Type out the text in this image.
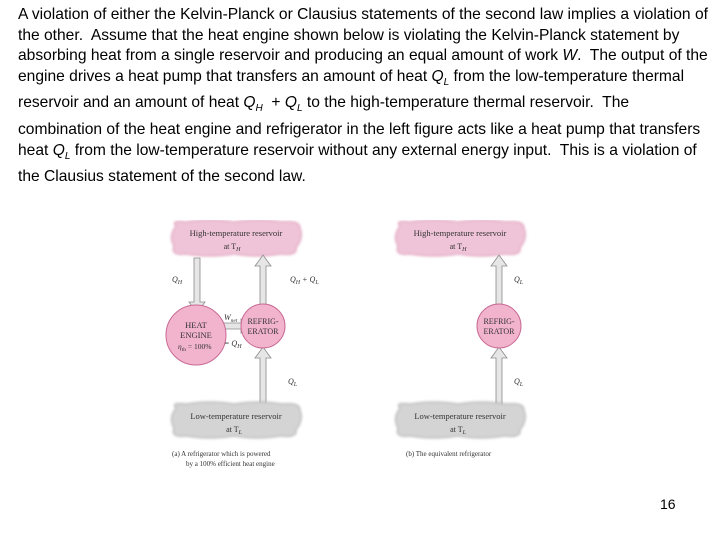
A violation of either the Kelvin-Planck or Clausius statements of the second law implies a violation of the other.  Assume that the heat engine shown below is violating the Kelvin-Planck statement by absorbing heat from a single reservoir and producing an equal amount of work W.  The output of the engine drives a heat pump that transfers an amount of heat $Q_L$ from the low-temperature thermal reservoir and an amount of heat $Q_H + Q_L$ to the high-temperature thermal reservoir.  The combination of the heat engine and refrigerator in the left figure acts like a heat pump that transfers heat $Q_L$ from the low-temperature reservoir without any external energy input.  This is a violation of the Clausius statement of the second law.

High-temperature reservoir
at $T_H$
HEAT
ENGINE
$\eta_{th} = 100\%$
REFRIG-
ERATOR
$Q_H$	$Q_H + Q_L$
$W_{net}$
= $Q_H$
$Q_L$
Low-temperature reservoir
at $T_L$
(a) A refrigerator which is powered
by a 100% efficient heat engine
High-temperature reservoir
at $T_H$
REFRIG-
ERATOR
$Q_L$
$Q_L$
Low-temperature reservoir
at $T_L$
(b) The equivalent refrigerator
16
